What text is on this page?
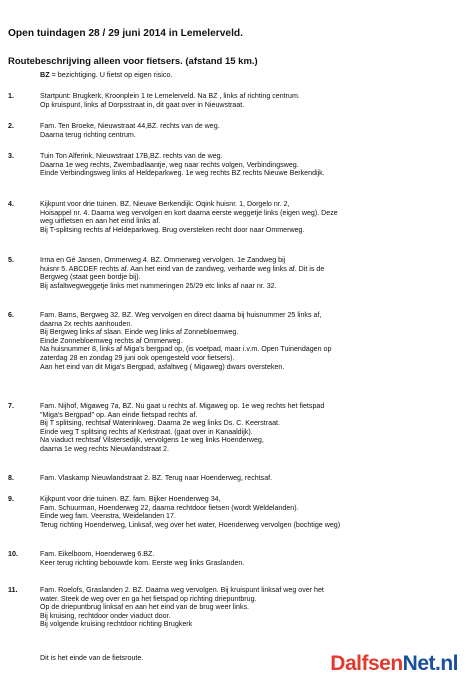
Open tuindagen 28 / 29 juni 2014 in Lemelerveld.
Routebeschrijving alleen voor fietsers. (afstand 15 km.)
BZ = bezichtiging. U fietst op eigen risico.
1.	Startpunt: Brugkerk, Kroonplein 1 te Lemelerveld. Na BZ , links af richting centrum.
Op kruispunt, links af Dorpsstraat in, dit gaat over in Nieuwstraat.
2.	Fam. Ten Broeke, Nieuwstraat 44,BZ. rechts van de weg.
Daarna terug richting centrum.
3.	Tuin Ton Alferink, Nieuwstraat 17B,BZ. rechts van de weg.
Daarna 1e weg rechts, Zwembadlaantje, weg naar rechts volgen, Verbindingsweg.
Einde Verbindingsweg links af Heldeparkweg. 1e weg rechts BZ rechts Nieuwe Berkendijk.
4.	Kijkpunt voor drie tuinen. BZ. Nieuwe Berkendijk: Oqink huisnr. 1, Dorgelo nr. 2,
Hoisappel nr. 4. Daarna weg vervolgen en kort daarna eerste weggetje links (eigen weg). Deze
weg uitfietsen en aan het eind links af.
Bij T-splitsing rechts af Heldeparkweg. Brug oversteken recht door naar Ommerweg.
5.	Irma en Gé Jansen, Ommerweg 4. BZ. Ommerweg vervolgen. 1e Zandweg bij
huisnr 5. ABCDEF rechts af. Aan het eind van de zandweg, verharde weg links af. Dit is de
Bergweg (staat geen bordje bij).
Bij asfaltwegweggetje links met nummeringen 25/29 etc links af naar nr. 32.
6.	Fam. Bams, Bergweg 32. BZ. Weg vervolgen en direct daarna bij huisnummer 25 links af,
daarna 2x rechts aanhouden.
Bij Bergweg links af slaan. Einde weg links af Zonnebloemweg.
Einde Zonnebloemweg rechts af Ommerweg.
Na huisnummer 8, links af Miga's bergpad op, (is voetpad, maar i.v.m. Open Tuinendagen op
zaterdag 28 en zondag 29 juni ook opengesteld voor fietsers).
Aan het eind van dit Miga's Bergpad, asfaltweg ( Migaweg) dwars oversteken.
7.	Fam. Nijhof, Migaweg 7a, BZ. Nu gaat u rechts af. Migaweg op. 1e weg rechts het fietspad
"Miga's Bergpad" op. Aan einde fietspad rechts af.
Bij T splitsing, rechtsaf Waterinkweg. Daarna 2e weg links Ds. C. Keerstraat.
Einde weg T splitsing rechts af Kerkstraat. (gaat over in Kanaaldijk).
Na viaduct rechtsaf Vilstersedijk, vervolgens 1e weg links Hoenderweg,
daarna 1e weg rechts Nieuwlandstraat 2.
8.	Fam. Vlaskamp Nieuwlandstraat 2. BZ. Terug naar Hoenderweg, rechtsaf.
9.	Kijkpunt voor drie tuinen. BZ. fam. Bijker Hoenderweg 34,
Fam. Schuurman, Hoenderweg 22, daarna rechtdoor fietsen (wordt Weldelanden).
Einde weg fam. Veenstra, Weidelanden 17.
Terug richting Hoenderweg, Linksaf, weg over het water, Hoenderweg vervolgen (bochtige weg)
10.	Fam. Eikelboom, Hoenderweg 6.BZ.
Keer terug richting bebouwde kom. Eerste weg links Graslanden.
11.	Fam. Roelofs, Graslanden 2. BZ. Daarna weg vervolgen. Bij kruispunt linksaf weg over het
water. Steek de weg over en ga het fietspad op richting driepuntbrug.
Op de driepuntbrug linksaf en aan het eind van de brug weer links.
Bij kruising, rechtdoor onder viaduct door.
Bij volgende kruising rechtdoor richting Brugkerk
Dit is het einde van de fietsroute.	DalfsenNet.nl
